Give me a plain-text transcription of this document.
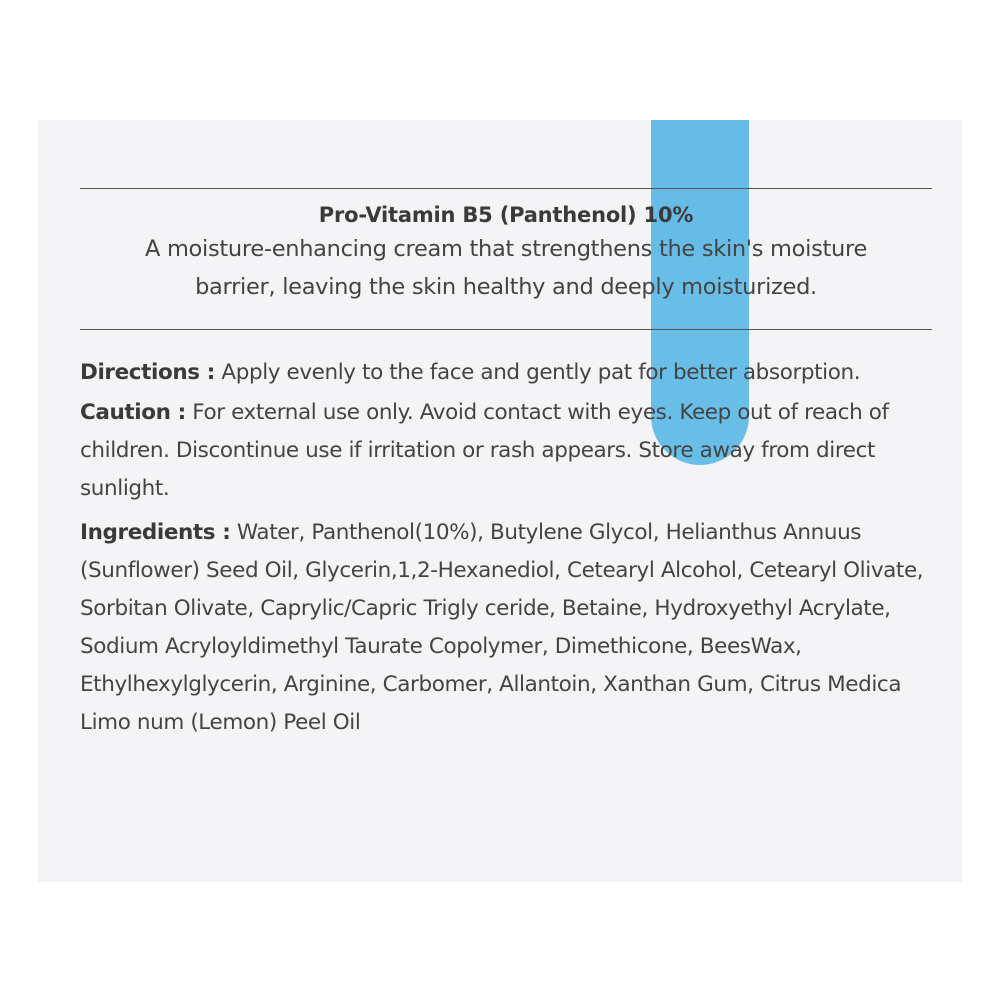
Pro-Vitamin B5 (Panthenol) 10%

A moisture-enhancing cream that strengthens the skin's moisture barrier, leaving the skin healthy and deeply moisturized.

Directions : Apply evenly to the face and gently pat for better absorption.

Caution : For external use only. Avoid contact with eyes. Keep out of reach of children. Discontinue use if irritation or rash appears. Store away from direct sunlight.

Ingredients : Water, Panthenol(10%), Butylene Glycol, Helianthus Annuus (Sunflower) Seed Oil, Glycerin,1,2-Hexanediol, Cetearyl Alcohol, Cetearyl Olivate, Sorbitan Olivate, Caprylic/Capric Trigly ceride, Betaine, Hydroxyethyl Acrylate, Sodium Acryloyldimethyl Taurate Copolymer, Dimethicone, BeesWax, Ethylhexylglycerin, Arginine, Carbomer, Allantoin, Xanthan Gum, Citrus Medica Limo num (Lemon) Peel Oil
